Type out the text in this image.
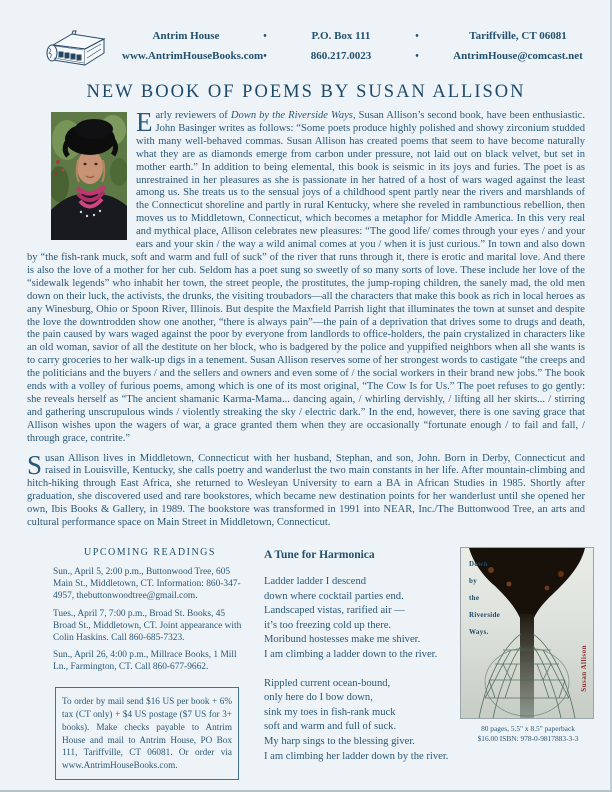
Antrim House	•	P.O. Box 111	•	Tariffville, CT 06081
www.AntrimHouseBooks.com •	860.217.0023	•	AntrimHouse@comcast.net
NEW BOOK OF POEMS BY SUSAN ALLISON

Early reviewers of Down by the Riverside Ways, Susan Allison’s second book, have been enthusiastic. John Basinger writes as follows: “Some poets produce highly polished and showy zirconium studded with many well-behaved commas. Susan Allison has created poems that seem to have become naturally what they are as diamonds emerge from carbon under pressure, not laid out on black velvet, but set in mother earth.” In addition to being elemental, this book is seismic in its joys and furies. The poet is as unrestrained in her pleasures as she is passionate in her hatred of a host of wars waged against the least among us. She treats us to the sensual joys of a childhood spent partly near the rivers and marshlands of the Connecticut shoreline and partly in rural Kentucky, where she reveled in rambunctious rebellion, then moves us to Middletown, Connecticut, which becomes a metaphor for Middle America. In this very real and mythical place, Allison celebrates new pleasures: “The good life/ comes through your eyes / and your ears and your skin / the way a wild animal comes at you / when it is just curious.” In town and also down by “the fish-rank muck, soft and warm and full of suck” of the river that runs through it, there is erotic and marital love. And there is also the love of a mother for her cub. Seldom has a poet sung so sweetly of so many sorts of love. These include her love of the “sidewalk legends” who inhabit her town, the street people, the prostitutes, the jump-roping children, the sanely mad, the old men down on their luck, the activists, the drunks, the visiting troubadors—all the characters that make this book as rich in local heroes as any Winesburg, Ohio or Spoon River, Illinois. But despite the Maxfield Parrish light that illuminates the town at sunset and despite the love the downtrodden show one another, “there is always pain”—the pain of a deprivation that drives some to drugs and death, the pain caused by wars waged against the poor by everyone from landlords to office-holders, the pain crystalized in characters like an old woman, savior of all the destitute on her block, who is badgered by the police and yuppified neighbors when all she wants is to carry groceries to her walk-up digs in a tenement. Susan Allison reserves some of her strongest words to castigate “the creeps and the politicians and the buyers / and the sellers and owners and even some of / the social workers in their brand new jobs.” The book ends with a volley of furious poems, among which is one of its most original, “The Cow Is for Us.” The poet refuses to go gently: she reveals herself as “The ancient shamanic Karma-Mama... dancing again, / whirling dervishly, / lifting all her skirts... / stirring and gathering unscrupulous winds / violently streaking the sky / electric dark.” In the end, however, there is one saving grace that Allison wishes upon the wagers of war, a grace granted them when they are occasionally “fortunate enough / to fail and fall, / through grace, contrite.”

Susan Allison lives in Middletown, Connecticut with her husband, Stephan, and son, John. Born in Derby, Connecticut and raised in Louisville, Kentucky, she calls poetry and wanderlust the two main constants in her life. After mountain-climbing and hitch-hiking through East Africa, she returned to Wesleyan University to earn a BA in African Studies in 1985. Shortly after graduation, she discovered used and rare bookstores, which became new destination points for her wanderlust until she opened her own, Ibis Books & Gallery, in 1989. The bookstore was transformed in 1991 into NEAR, Inc./The Buttonwood Tree, an arts and cultural performance space on Main Street in Middletown, Connecticut.

UPCOMING READINGS

Sun., April 5, 2:00 p.m., Buttonwood Tree, 605 Main St., Middletown, CT. Information: 860-347-4957, thebuttonwoodtree@gmail.com.

Tues., April 7, 7:00 p.m., Broad St. Books, 45 Broad St., Middletown, CT. Joint appearance with Colin Haskins. Call 860-685-7323.

Sun., April 26, 4:00 p.m., Millrace Books, 1 Mill Ln., Farmington, CT. Call 860-677-9662.

To order by mail send $16 US per book + 6% tax (CT only) + $4 US postage ($7 US for 3+ books). Make checks payable to Antrim House and mail to Antrim House, PO Box 111, Tariffville, CT 06081. Or order via www.AntrimHouseBooks.com.

A Tune for Harmonica

Ladder ladder I descend
down where cocktail parties end.
Landscaped vistas, rarified air —
it’s too freezing cold up there.
Moribund hostesses make me shiver.
I am climbing a ladder down to the river.
Rippled current ocean-bound,
only here do I bow down,
sink my toes in fish-rank muck
soft and warm and full of suck.
My harp sings to the blessing giver.
I am climbing her ladder down by the river.
Down
by
the
Riverside
Ways.
Susan Allison
80 pages, 5.5" x 8.5" paperback
$16.00 ISBN: 978-0-9817883-3-3
